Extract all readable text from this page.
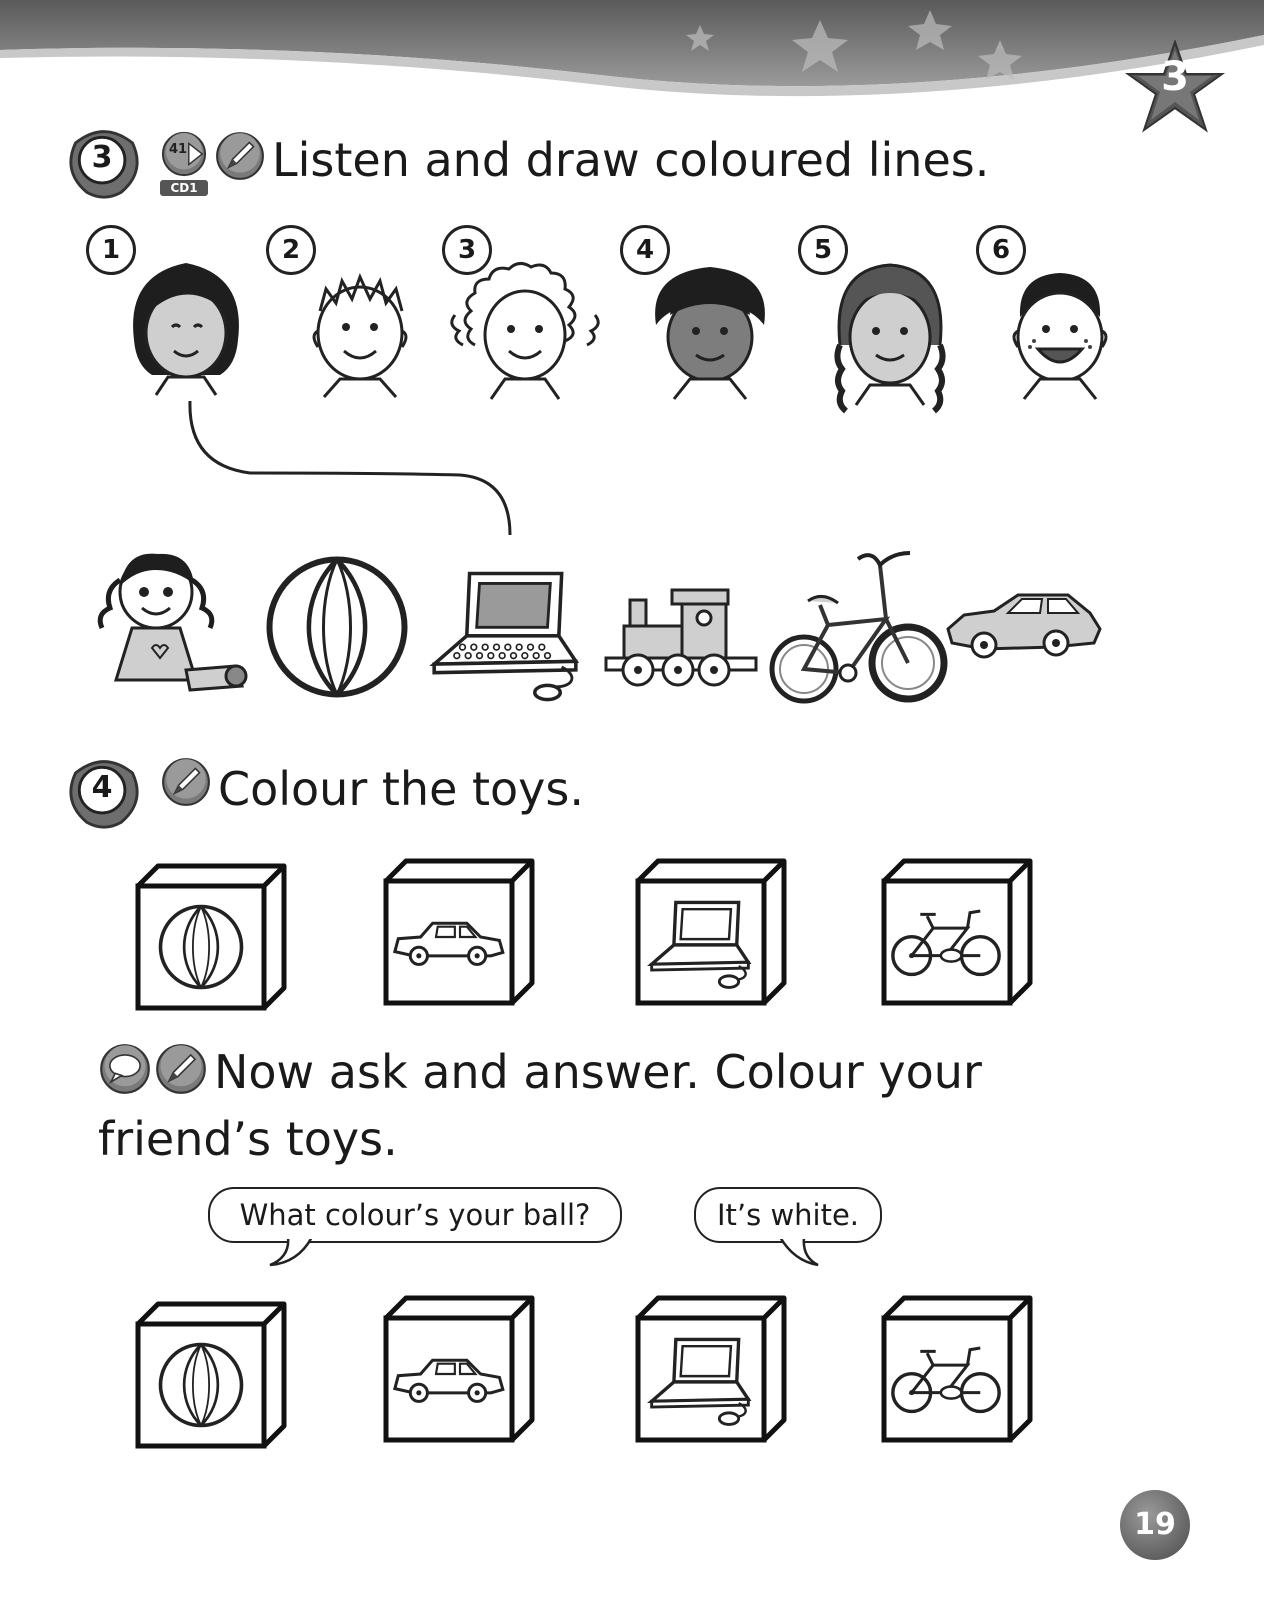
3
3	41
CD1
Listen and draw coloured lines.
1	2	3	4	5	6
4 Colour the toys.
Now ask and answer. Colour your
friend’s toys.
What colour’s your ball?	It’s white.
19
